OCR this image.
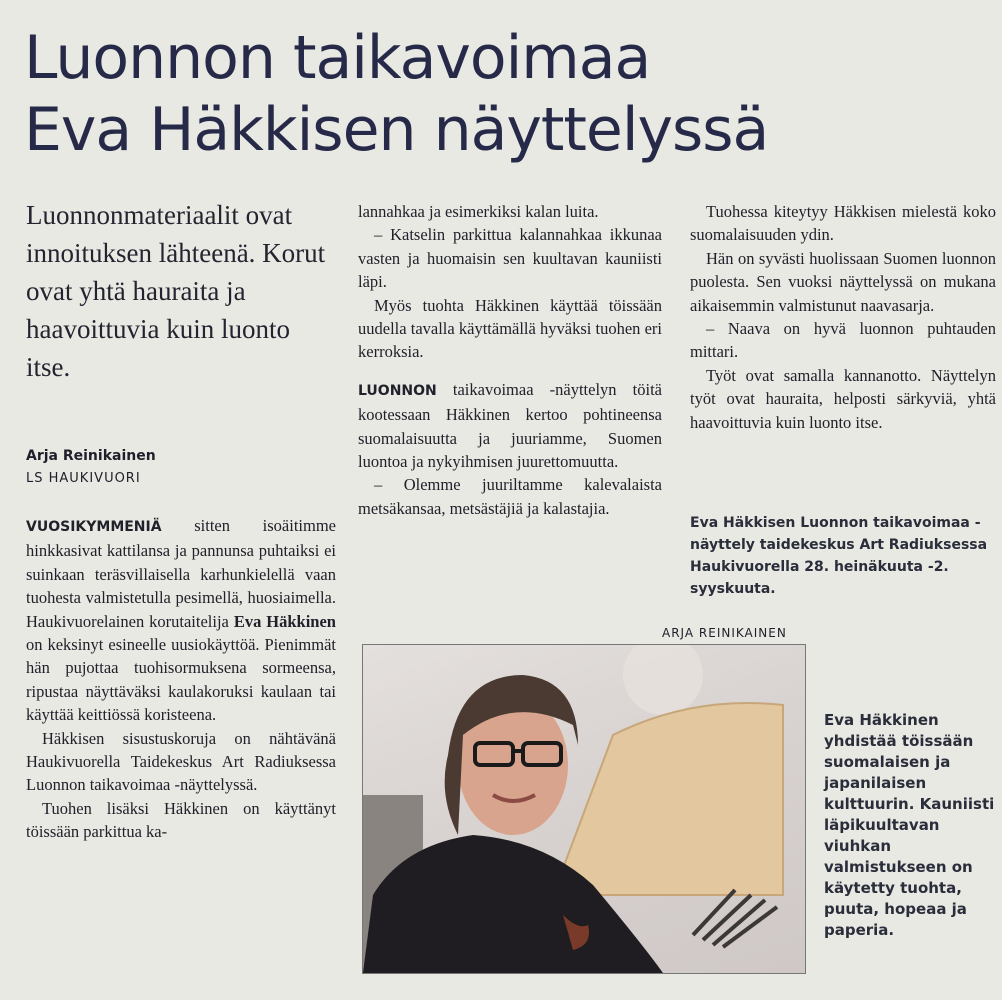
Luonnon taikavoimaa
Eva Häkkisen näyttelyssä
Luonnonmateriaalit ovat innoituksen lähteenä. Korut ovat yhtä hauraita ja haavoittuvia kuin luonto itse.
Arja Reinikainen
LS HAUKIVUORI

VUOSIKYMMENIÄ sitten isoäitimme hinkkasivat kattilansa ja pannunsa puhtaiksi ei suinkaan teräsvillaisella karhunkielellä vaan tuohesta valmistetulla pesimellä, huosiaimella. Haukivuorelainen korutaitelija Eva Häkkinen on keksinyt esineelle uusiokäyttöä. Pienimmät hän pujottaa tuohisormuksena sormeensa, ripustaa näyttäväksi kaulakoruksi kaulaan tai käyttää keittiössä koristeena.

Häkkisen sisustuskoruja on nähtävänä Haukivuorella Taidekeskus Art Radiuksessa Luonnon taikavoimaa -näyttelyssä.

Tuohen lisäksi Häkkinen on käyttänyt töissään parkittua ka-

lannahkaa ja esimerkiksi kalan luita.

– Katselin parkittua kalannahkaa ikkunaa vasten ja huomaisin sen kuultavan kauniisti läpi.

Myös tuohta Häkkinen käyttää töissään uudella tavalla käyttämällä hyväksi tuohen eri kerroksia.

LUONNON taikavoimaa -näyttelyn töitä kootessaan Häkkinen kertoo pohtineensa suomalaisuutta ja juuriamme, Suomen luontoa ja nykyihmisen juurettomuutta.

– Olemme juuriltamme kalevalaista metsäkansaa, metsästäjiä ja kalastajia.

Tuohessa kiteytyy Häkkisen mielestä koko suomalaisuuden ydin.

Hän on syvästi huolissaan Suomen luonnon puolesta. Sen vuoksi näyttelyssä on mukana aikaisemmin valmistunut naavasarja.

– Naava on hyvä luonnon puhtauden mittari.

Työt ovat samalla kannanotto. Näyttelyn työt ovat hauraita, helposti särkyviä, yhtä haavoittuvia kuin luonto itse.

Eva Häkkisen Luonnon taikavoimaa -näyttely taidekeskus Art Radiuksessa Haukivuorella 28. heinäkuuta -2. syyskuuta.
ARJA REINIKAINEN
Eva Häkkinen yhdistää töissään suomalaisen ja japanilaisen kulttuurin. Kauniisti läpikuultavan viuhkan valmistukseen on käytetty tuohta, puuta, hopeaa ja paperia.
